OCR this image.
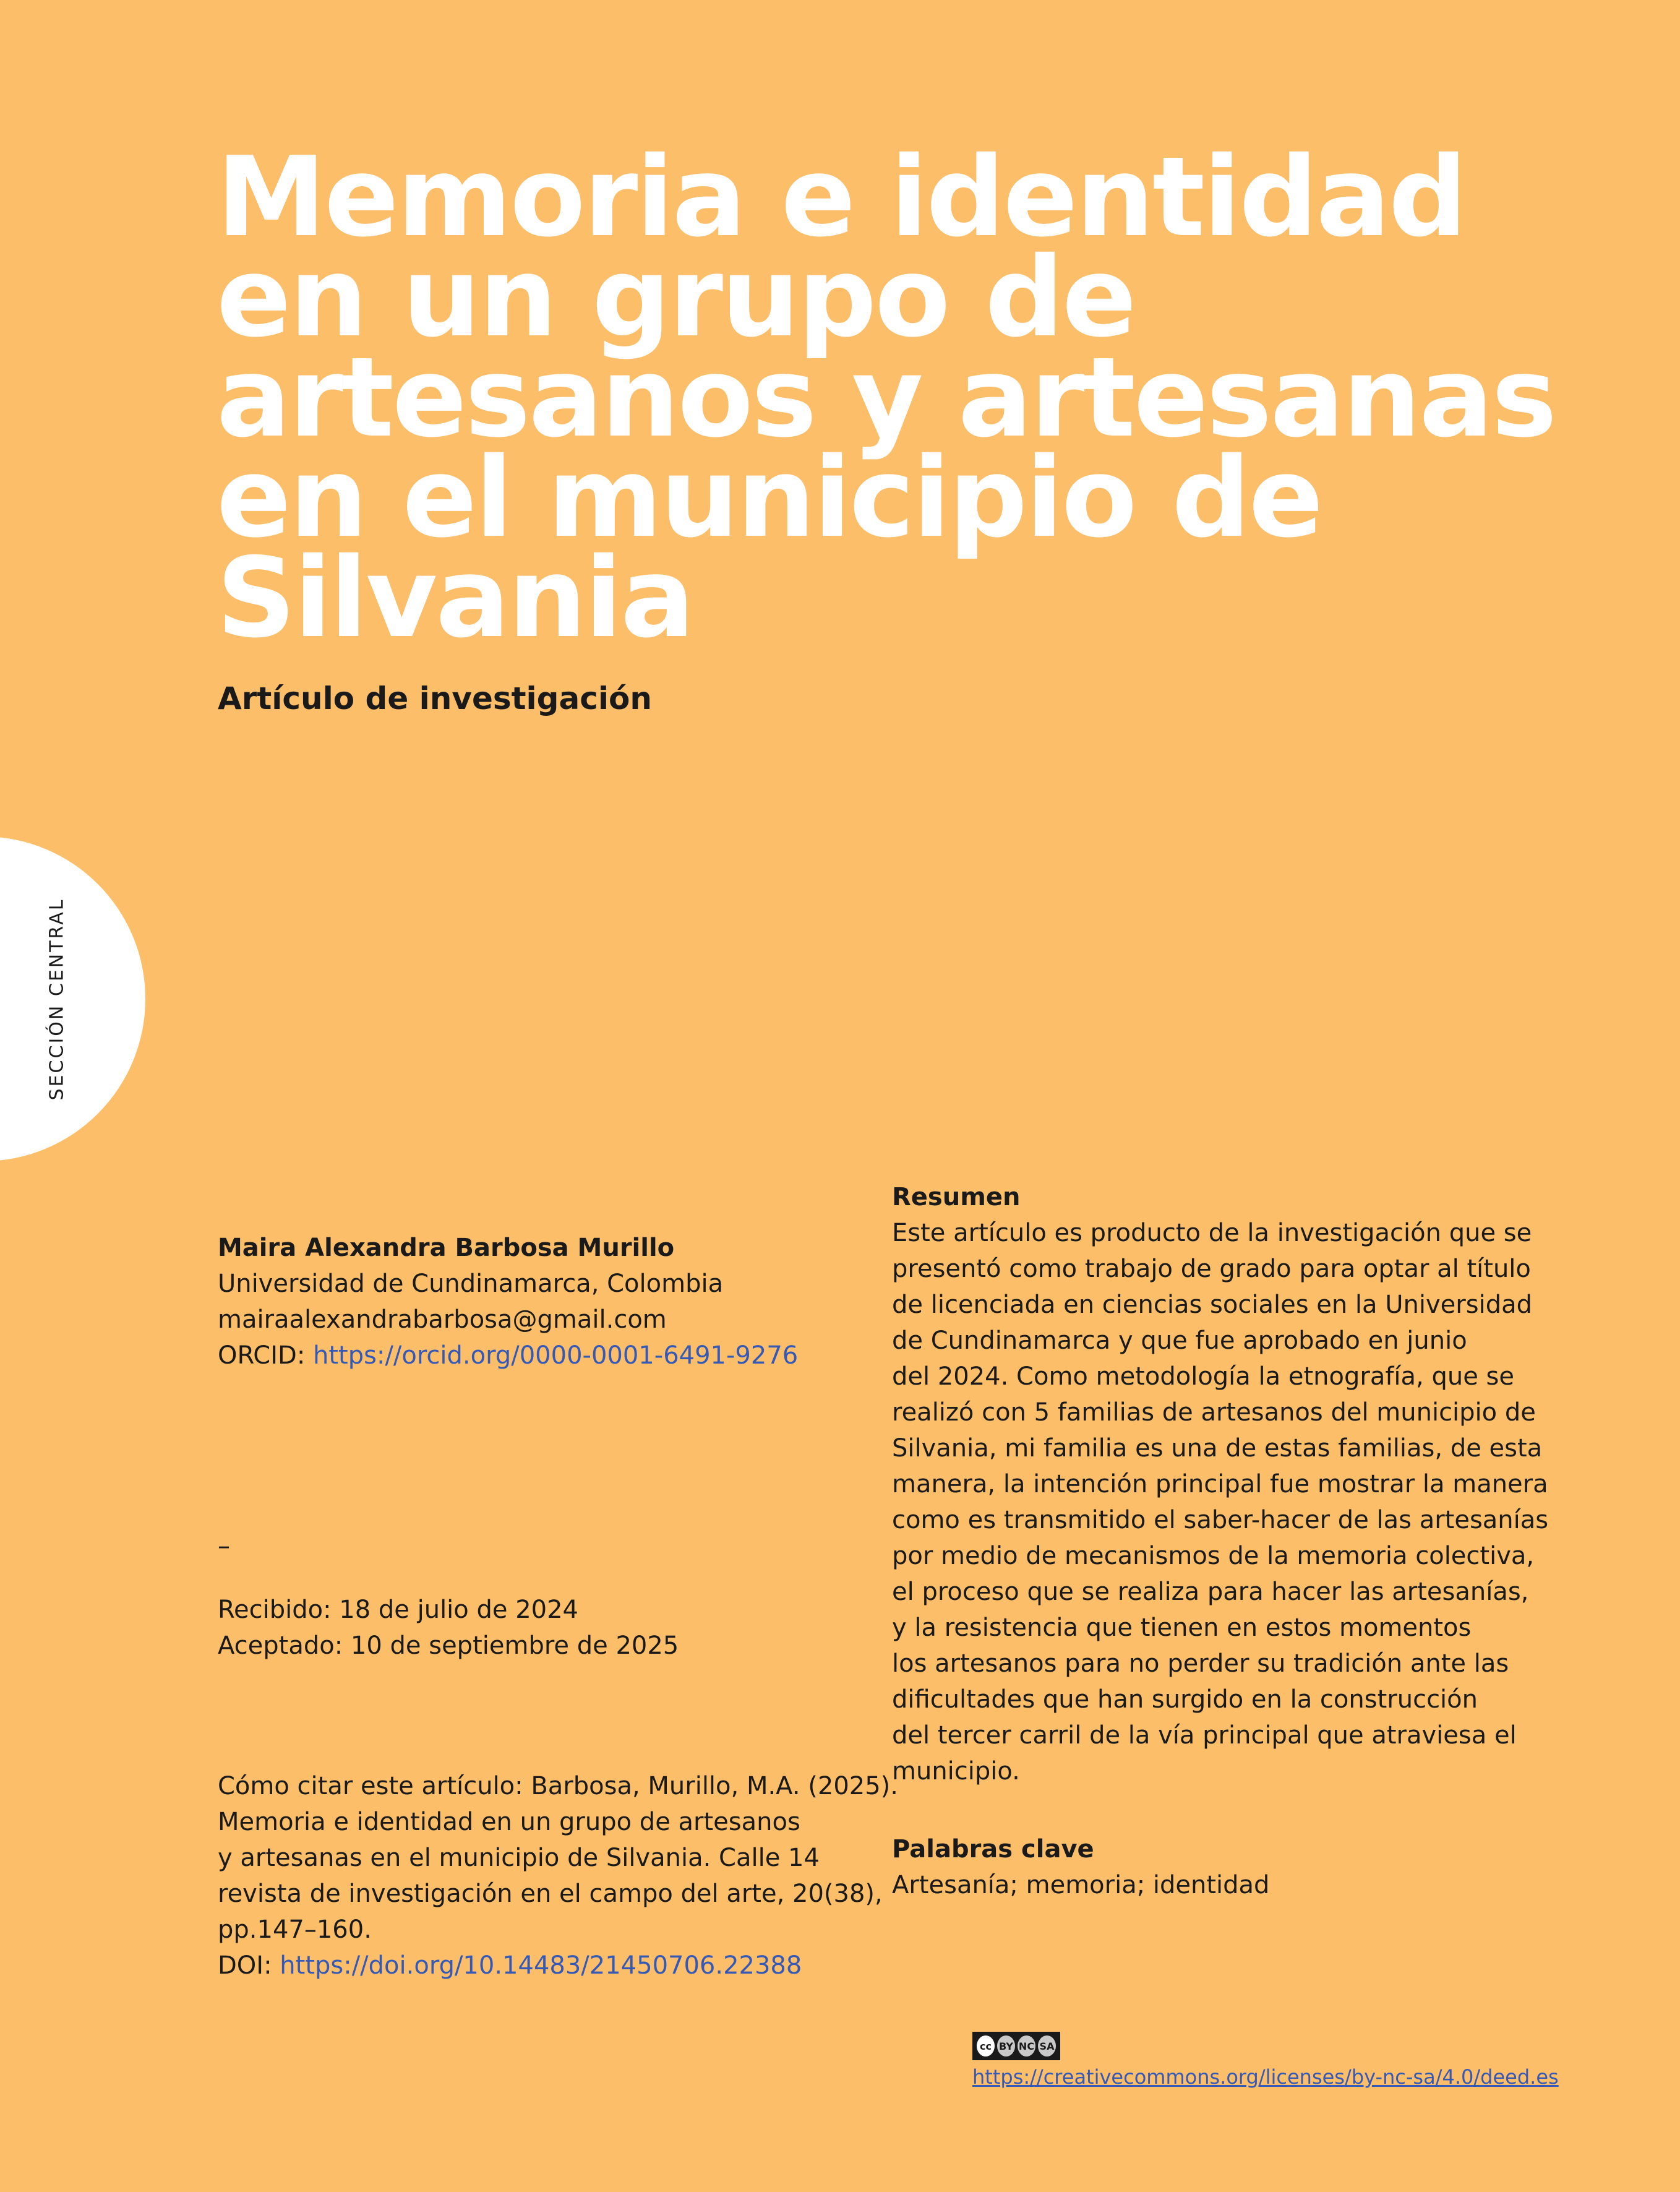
Memoria e identidad
en un grupo de
artesanos y artesanas
en el municipio de
Silvania
Artículo de investigación
SECCIÓN CENTRAL
Maira Alexandra Barbosa Murillo
Universidad de Cundinamarca, Colombia
mairaalexandrabarbosa@gmail.com
ORCID: https://orcid.org/0000-0001-6491-9276
–
Recibido: 18 de julio de 2024
Aceptado: 10 de septiembre de 2025
Cómo citar este artículo: Barbosa, Murillo, M.A. (2025).
Memoria e identidad en un grupo de artesanos
y artesanas en el municipio de Silvania. Calle 14
revista de investigación en el campo del arte, 20(38),
pp.147–160.
DOI: https://doi.org/10.14483/21450706.22388
Resumen
Este artículo es producto de la investigación que se
presentó como trabajo de grado para optar al título
de licenciada en ciencias sociales en la Universidad
de Cundinamarca y que fue aprobado en junio
del 2024. Como metodología la etnografía, que se
realizó con 5 familias de artesanos del municipio de
Silvania, mi familia es una de estas familias, de esta
manera, la intención principal fue mostrar la manera
como es transmitido el saber-hacer de las artesanías
por medio de mecanismos de la memoria colectiva,
el proceso que se realiza para hacer las artesanías,
y la resistencia que tienen en estos momentos
los artesanos para no perder su tradición ante las
dificultades que han surgido en la construcción
del tercer carril de la vía principal que atraviesa el
municipio.
Palabras clave
Artesanía; memoria; identidad
cc BY NC SA
https://creativecommons.org/licenses/by-nc-sa/4.0/deed.es
